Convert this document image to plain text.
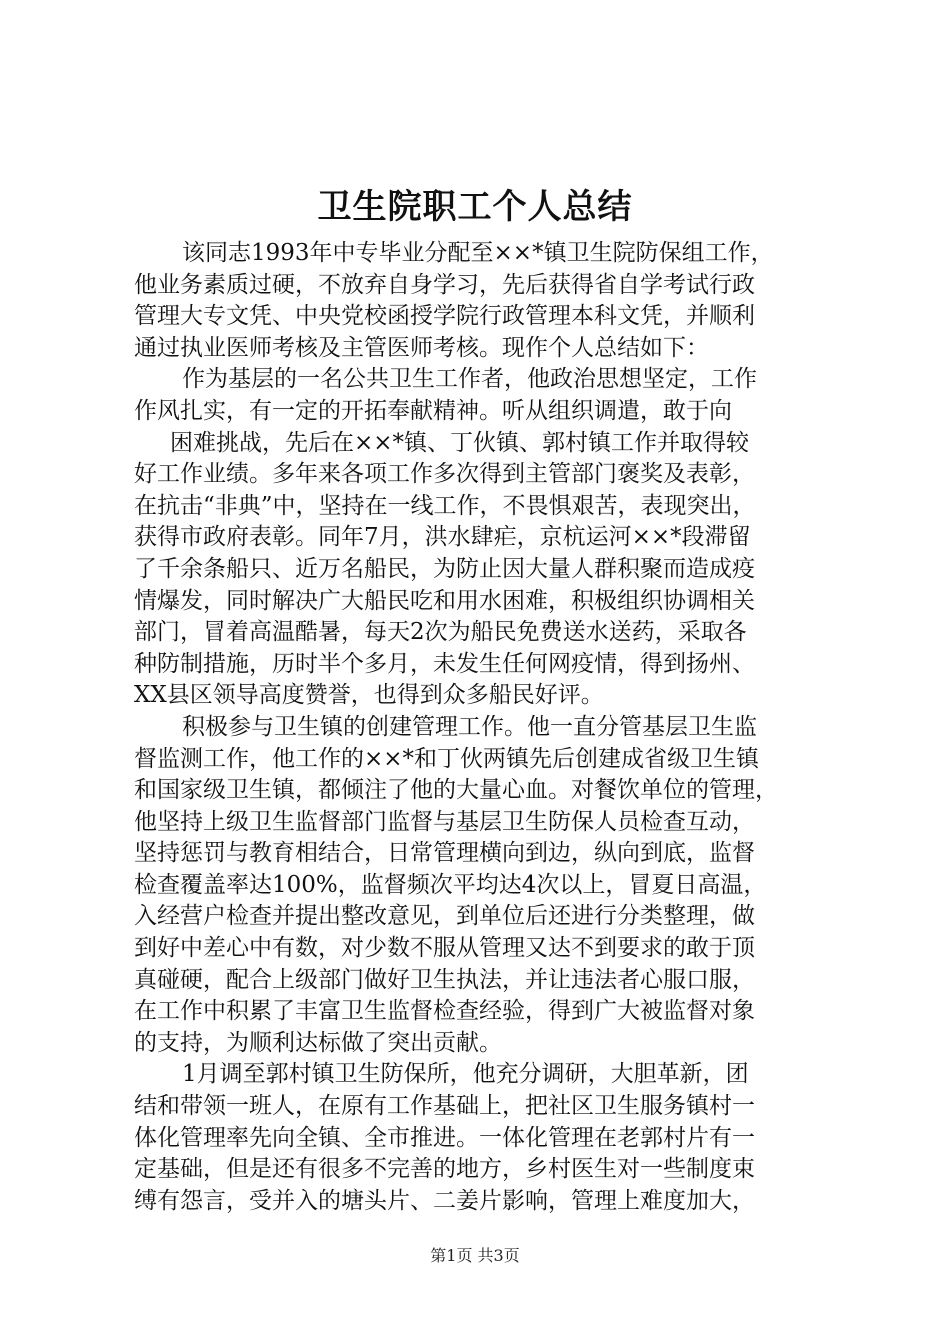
卫生院职工个人总结
该同志1993年中专毕业分配至××*镇卫生院防保组工作，
他业务素质过硬，不放弃自身学习，先后获得省自学考试行政
管理大专文凭、中央党校函授学院行政管理本科文凭，并顺利
通过执业医师考核及主管医师考核。现作个人总结如下：
作为基层的一名公共卫生工作者，他政治思想坚定，工作
作风扎实，有一定的开拓奉献精神。听从组织调遣，敢于向
困难挑战，先后在××*镇、丁伙镇、郭村镇工作并取得较
好工作业绩。多年来各项工作多次得到主管部门褒奖及表彰，
在抗击“非典”中，坚持在一线工作，不畏惧艰苦，表现突出，
获得市政府表彰。同年7月，洪水肆疟，京杭运河××*段滞留
了千余条船只、近万名船民，为防止因大量人群积聚而造成疫
情爆发，同时解决广大船民吃和用水困难，积极组织协调相关
部门，冒着高温酷暑，每天2次为船民免费送水送药，采取各
种防制措施，历时半个多月，未发生任何网疫情，得到扬州、
XX县区领导高度赞誉，也得到众多船民好评。
积极参与卫生镇的创建管理工作。他一直分管基层卫生监
督监测工作，他工作的××*和丁伙两镇先后创建成省级卫生镇
和国家级卫生镇，都倾注了他的大量心血。对餐饮单位的管理，
他坚持上级卫生监督部门监督与基层卫生防保人员检查互动，
坚持惩罚与教育相结合，日常管理横向到边，纵向到底，监督
检查覆盖率达100%，监督频次平均达4次以上，冒夏日高温，
入经营户检查并提出整改意见，到单位后还进行分类整理，做
到好中差心中有数，对少数不服从管理又达不到要求的敢于顶
真碰硬，配合上级部门做好卫生执法，并让违法者心服口服，
在工作中积累了丰富卫生监督检查经验，得到广大被监督对象
的支持，为顺利达标做了突出贡献。
1月调至郭村镇卫生防保所，他充分调研，大胆革新，团
结和带领一班人，在原有工作基础上，把社区卫生服务镇村一
体化管理率先向全镇、全市推进。一体化管理在老郭村片有一
定基础，但是还有很多不完善的地方，乡村医生对一些制度束
缚有怨言，受并入的塘头片、二姜片影响，管理上难度加大，
第1页 共3页
